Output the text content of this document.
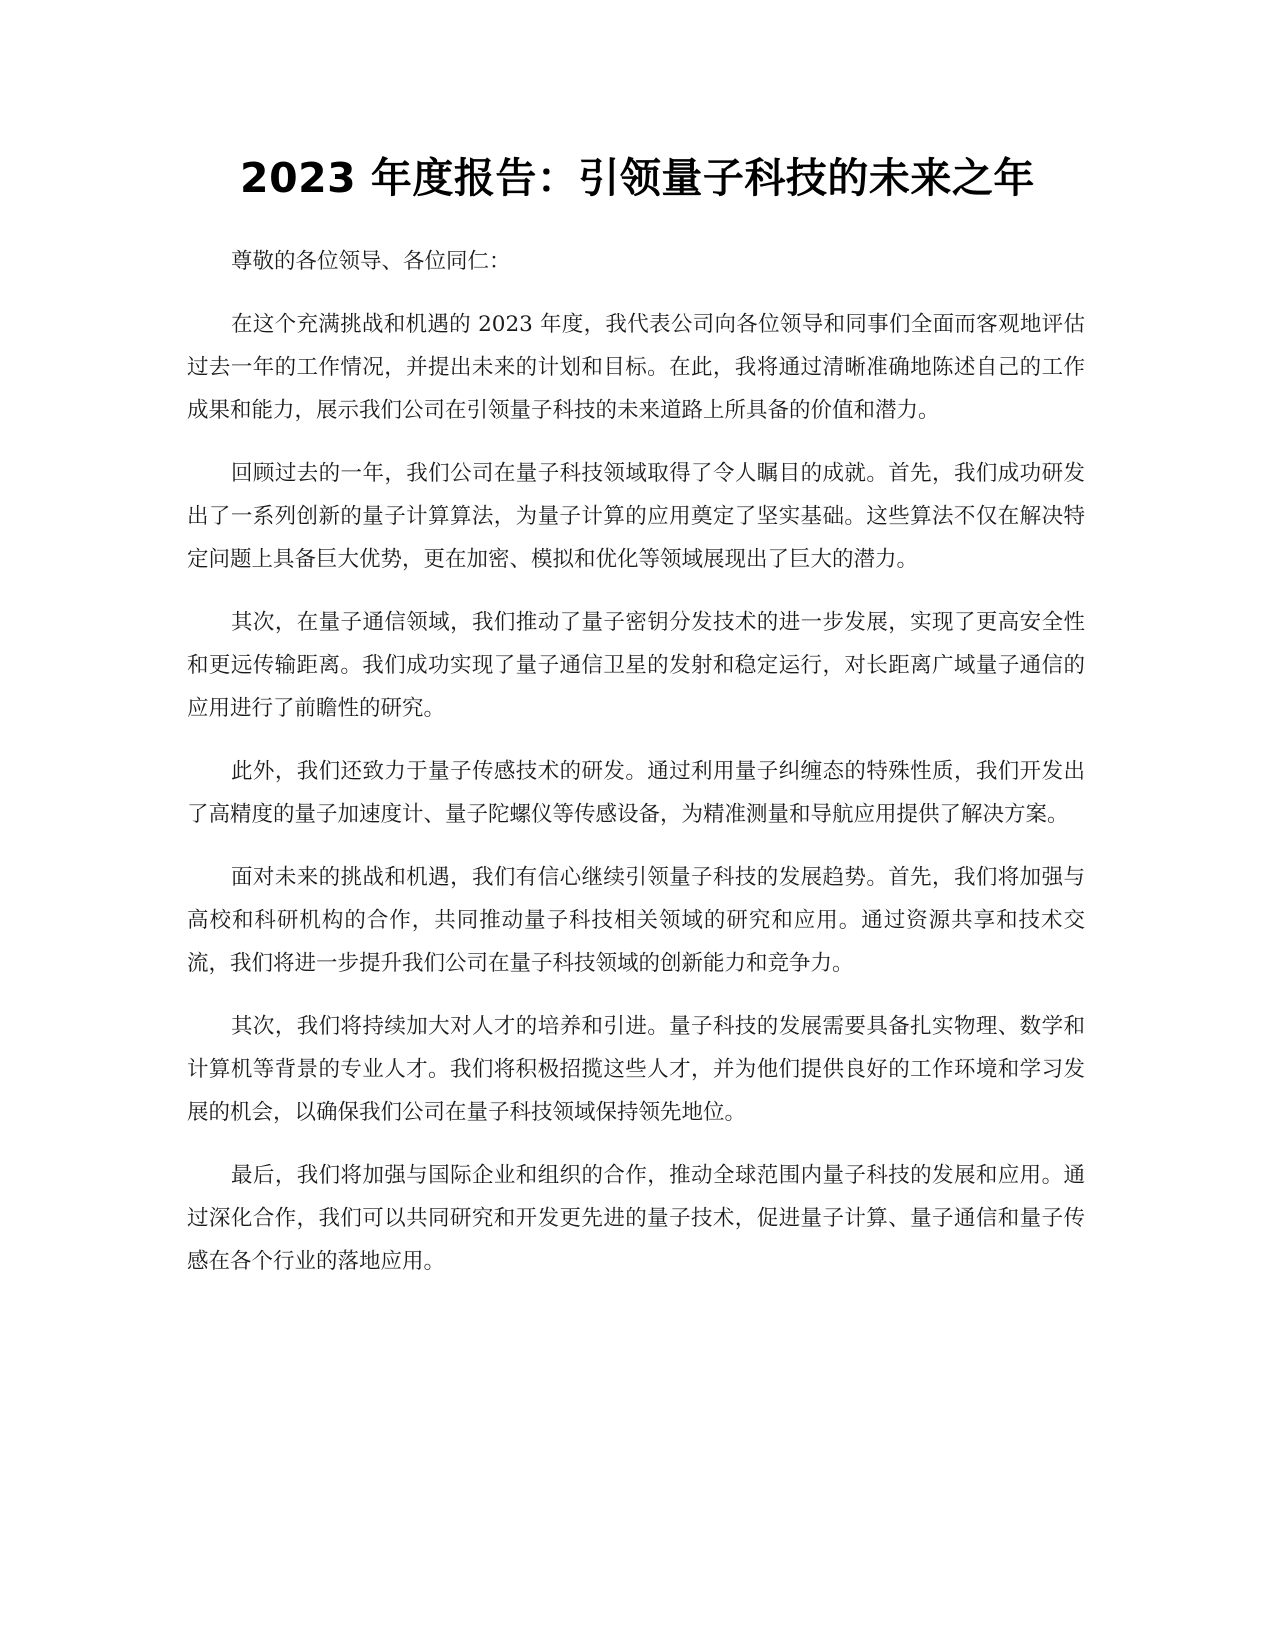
2023 年度报告：引领量子科技的未来之年

尊敬的各位领导、各位同仁：

在这个充满挑战和机遇的 2023 年度，我代表公司向各位领导和同事们全面而客观地评估过去一年的工作情况，并提出未来的计划和目标。在此，我将通过清晰准确地陈述自己的工作成果和能力，展示我们公司在引领量子科技的未来道路上所具备的价值和潜力。

回顾过去的一年，我们公司在量子科技领域取得了令人瞩目的成就。首先，我们成功研发出了一系列创新的量子计算算法，为量子计算的应用奠定了坚实基础。这些算法不仅在解决特定问题上具备巨大优势，更在加密、模拟和优化等领域展现出了巨大的潜力。

其次，在量子通信领域，我们推动了量子密钥分发技术的进一步发展，实现了更高安全性和更远传输距离。我们成功实现了量子通信卫星的发射和稳定运行，对长距离广域量子通信的应用进行了前瞻性的研究。

此外，我们还致力于量子传感技术的研发。通过利用量子纠缠态的特殊性质，我们开发出了高精度的量子加速度计、量子陀螺仪等传感设备，为精准测量和导航应用提供了解决方案。

面对未来的挑战和机遇，我们有信心继续引领量子科技的发展趋势。首先，我们将加强与高校和科研机构的合作，共同推动量子科技相关领域的研究和应用。通过资源共享和技术交流，我们将进一步提升我们公司在量子科技领域的创新能力和竞争力。

其次，我们将持续加大对人才的培养和引进。量子科技的发展需要具备扎实物理、数学和计算机等背景的专业人才。我们将积极招揽这些人才，并为他们提供良好的工作环境和学习发展的机会，以确保我们公司在量子科技领域保持领先地位。

最后，我们将加强与国际企业和组织的合作，推动全球范围内量子科技的发展和应用。通过深化合作，我们可以共同研究和开发更先进的量子技术，促进量子计算、量子通信和量子传感在各个行业的落地应用。
